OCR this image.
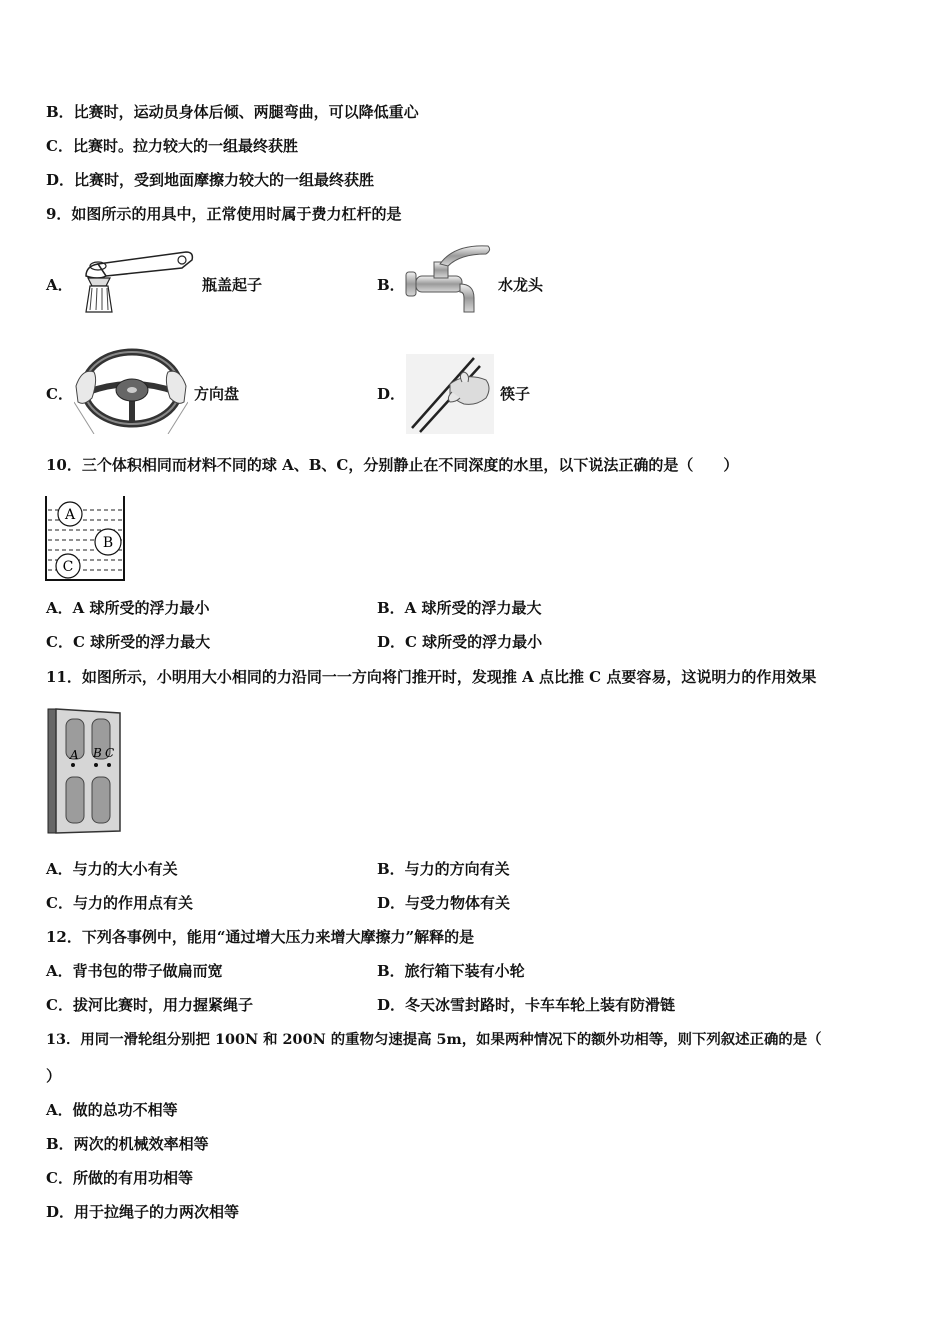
B．比赛时，运动员身体后倾、两腿弯曲，可以降低重心
C．比赛时。拉力较大的一组最终获胜
D．比赛时，受到地面摩擦力较大的一组最终获胜
9．如图所示的用具中，正常使用时属于费力杠杆的是
A．	瓶盖起子	B．	水龙头
C．	方向盘	D．	筷子
10．三个体积相同而材料不同的球 A、B、C，分别静止在不同深度的水里，以下说法正确的是（　　）
A
B
C
A．A 球所受的浮力最小	B．A 球所受的浮力最大
C．C 球所受的浮力最大	D．C 球所受的浮力最小
11．如图所示，小明用大小相同的力沿同一一方向将门推开时，发现推 A 点比推 C 点要容易，这说明力的作用效果
A B C
A．与力的大小有关	B．与力的方向有关
C．与力的作用点有关	D．与受力物体有关
12．下列各事例中，能用“通过增大压力来增大摩擦力”解释的是
A．背书包的带子做扁而宽	B．旅行箱下装有小轮
C．拔河比赛时，用力握紧绳子	D．冬天冰雪封路时，卡车车轮上装有防滑链
13．用同一滑轮组分别把 100N 和 200N 的重物匀速提高 5m，如果两种情况下的额外功相等，则下列叙述正确的是（
）
A．做的总功不相等
B．两次的机械效率相等
C．所做的有用功相等
D．用于拉绳子的力两次相等
